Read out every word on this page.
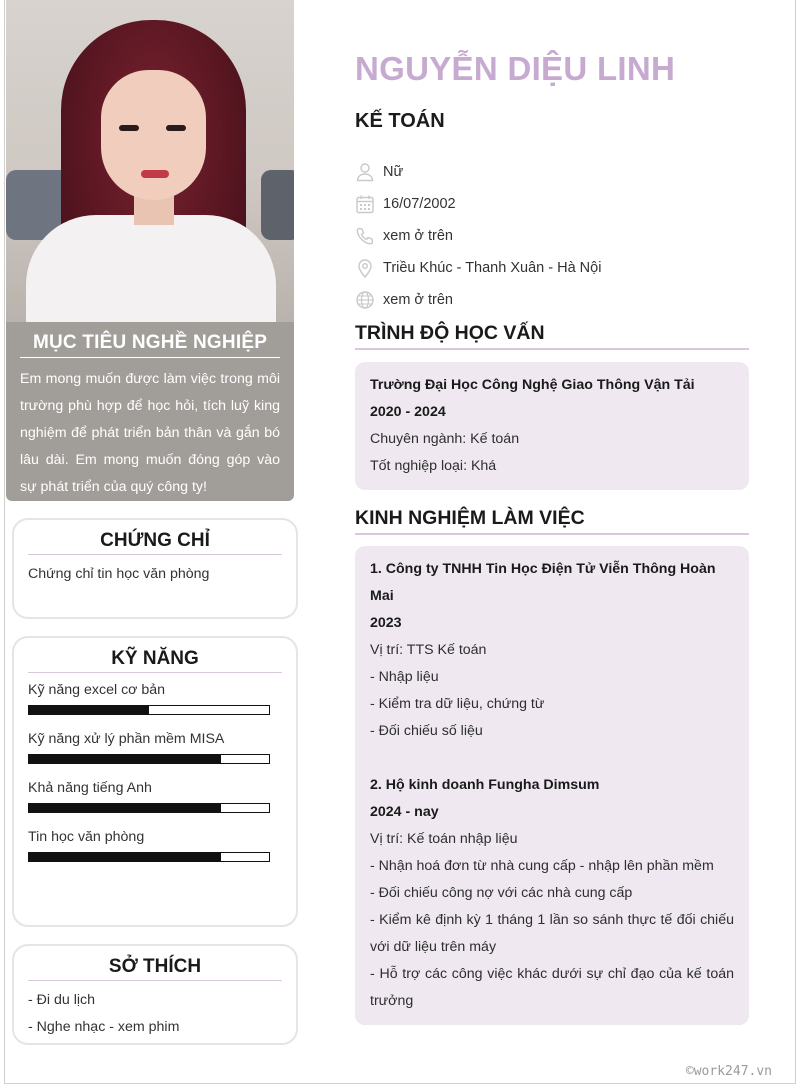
MỤC TIÊU NGHỀ NGHIỆP

Em mong muốn được làm việc trong môi trường phù hợp để học hỏi, tích luỹ king nghiệm để phát triển bản thân và gắn bó lâu dài. Em mong muốn đóng góp vào sự phát triển của quý công ty!

CHỨNG CHỈ
Chứng chỉ tin học văn phòng
KỸ NĂNG
Kỹ năng excel cơ bản
Kỹ năng xử lý phần mềm MISA
Khả năng tiếng Anh
Tin học văn phòng
SỞ THÍCH
- Đi du lịch
- Nghe nhạc - xem phim
NGUYỄN DIỆU LINH
KẾ TOÁN
Nữ
16/07/2002
xem ở trên
Triều Khúc - Thanh Xuân - Hà Nội
xem ở trên
TRÌNH ĐỘ HỌC VẤN
Trường Đại Học Công Nghệ Giao Thông Vận Tải
2020 - 2024
Chuyên ngành: Kế toán
Tốt nghiệp loại: Khá
KINH NGHIỆM LÀM VIỆC
1. Công ty TNHH Tin Học Điện Tử Viễn Thông Hoàn Mai
2023
Vị trí: TTS Kế toán
- Nhập liệu
- Kiểm tra dữ liệu, chứng từ
- Đối chiếu số liệu
2. Hộ kinh doanh Fungha Dimsum
2024 - nay
Vị trí: Kế toán nhập liệu
- Nhận hoá đơn từ nhà cung cấp - nhập lên phần mềm
- Đối chiếu công nợ với các nhà cung cấp
- Kiểm kê định kỳ 1 tháng 1 lần so sánh thực tế đối chiếu với dữ liệu trên máy
- Hỗ trợ các công việc khác dưới sự chỉ đạo của kế toán trưởng
©work247.vn
